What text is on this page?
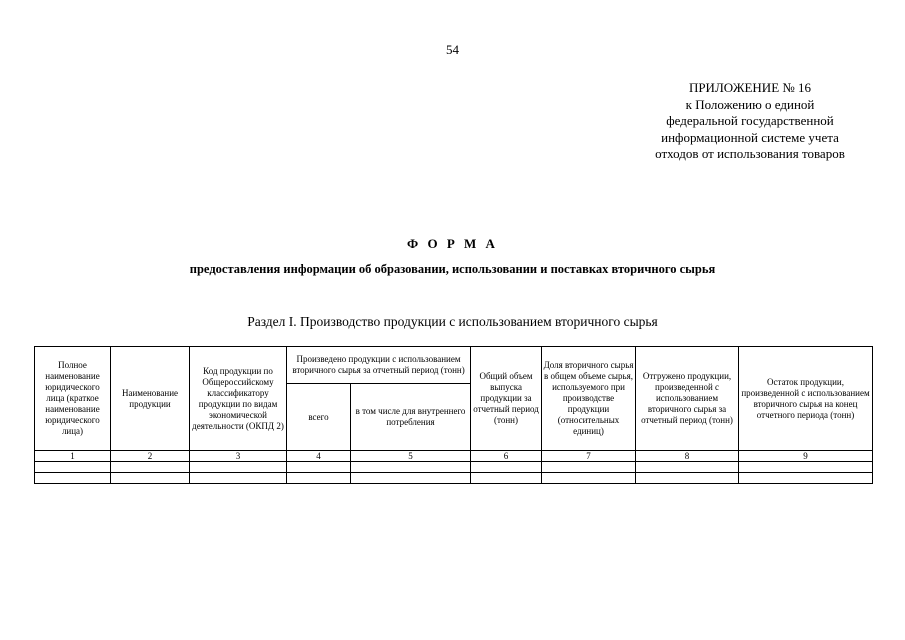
54
ПРИЛОЖЕНИЕ № 16
к Положению о единой
федеральной государственной
информационной системе учета
отходов от использования товаров
Ф О Р М А
предоставления информации об образовании, использовании и поставках вторичного сырья
Раздел I. Производство продукции с использованием вторичного сырья
Полное наименование юридического лица (краткое наименование юридического лица)	Наименование продукции	Код продукции по Общероссийскому классификатору продукции по видам экономической деятельности (ОКПД 2)	Произведено продукции с использованием вторичного сырья за отчетный период (тонн)		Общий объем выпуска продукции за отчетный период (тонн)	Доля вторичного сырья в общем объеме сырья, используемого при производстве продукции (относительных единиц)	Отгружено продукции, произведенной с использованием вторичного сырья за отчетный период (тонн)	Остаток продукции, произведенной с использованием вторичного сырья на конец отчетного периода (тонн)
			всего	в том числе для внутреннего потребления				
1	2	3	4	5	6	7	8	9
